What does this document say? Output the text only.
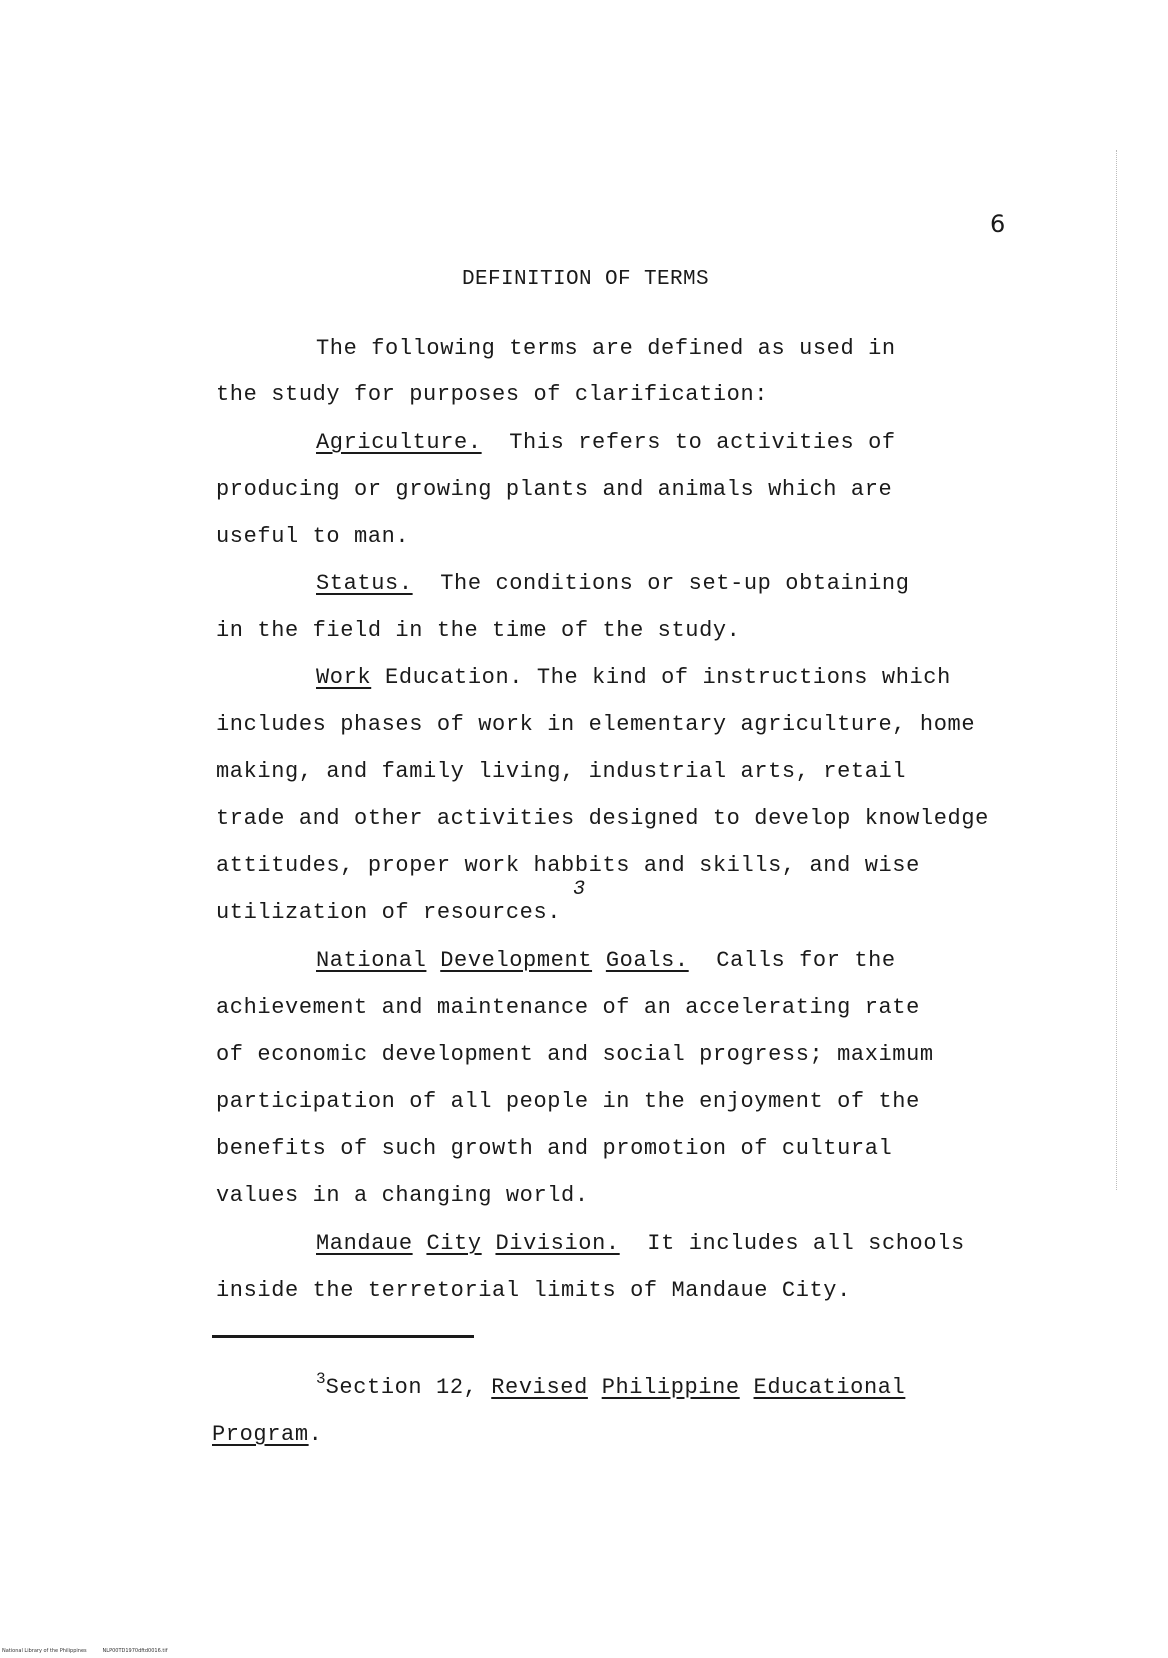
6
DEFINITION OF TERMS
The following terms are defined as used in
the study for purposes of clarification:
Agriculture.  This refers to activities of
producing or growing plants and animals which are
useful to man.
Status.  The conditions or set-up obtaining
in the field in the time of the study.
Work Education. The kind of instructions which
includes phases of work in elementary agriculture, home
making, and family living, industrial arts, retail
trade and other activities designed to develop knowledge
attitudes, proper work habbits and skills, and wise
3
utilization of resources.
National Development Goals.  Calls for the
achievement and maintenance of an accelerating rate
of economic development and social progress; maximum
participation of all people in the enjoyment of the
benefits of such growth and promotion of cultural
values in a changing world.
Mandaue City Division.  It includes all schools
inside the terretorial limits of Mandaue City.
$^3$Section 12, Revised Philippine Educational
Program.
National Library of the Philippines	NLP00TD1970dftd0016.tif
